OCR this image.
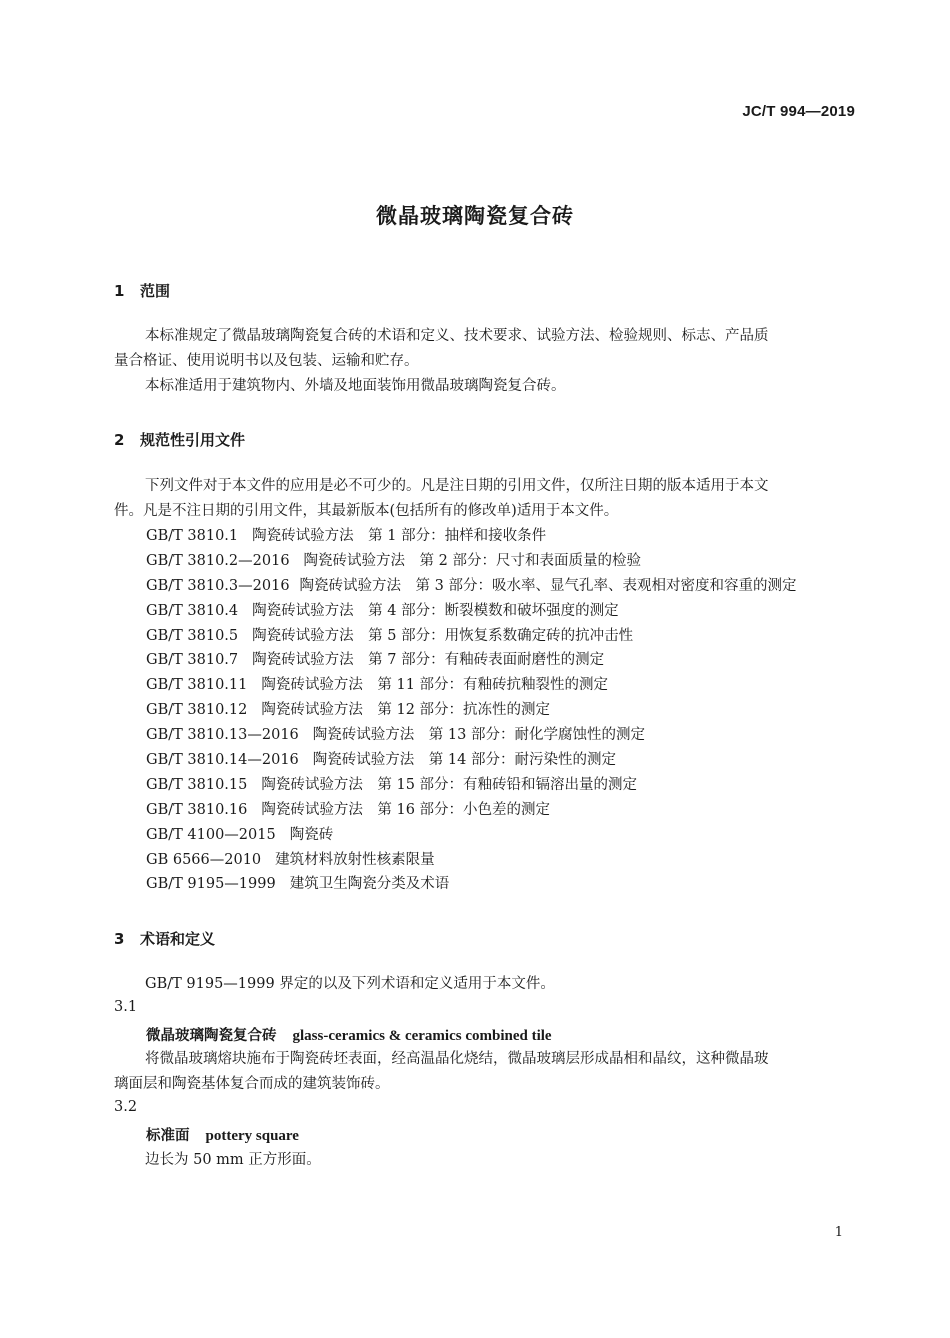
JC/T 994—2019
微晶玻璃陶瓷复合砖
1 范围
本标准规定了微晶玻璃陶瓷复合砖的术语和定义、技术要求、试验方法、检验规则、标志、产品质
量合格证、使用说明书以及包装、运输和贮存。
本标准适用于建筑物内、外墙及地面装饰用微晶玻璃陶瓷复合砖。
2 规范性引用文件
下列文件对于本文件的应用是必不可少的。凡是注日期的引用文件，仅所注日期的版本适用于本文
件。凡是不注日期的引用文件，其最新版本(包括所有的修改单)适用于本文件。
GB/T 3810.1 陶瓷砖试验方法　第 1 部分：抽样和接收条件
GB/T 3810.2—2016 陶瓷砖试验方法　第 2 部分：尺寸和表面质量的检验
GB/T 3810.3—2016 陶瓷砖试验方法　第 3 部分：吸水率、显气孔率、表观相对密度和容重的测定
GB/T 3810.4 陶瓷砖试验方法　第 4 部分：断裂模数和破坏强度的测定
GB/T 3810.5 陶瓷砖试验方法　第 5 部分：用恢复系数确定砖的抗冲击性
GB/T 3810.7 陶瓷砖试验方法　第 7 部分：有釉砖表面耐磨性的测定
GB/T 3810.11 陶瓷砖试验方法　第 11 部分：有釉砖抗釉裂性的测定
GB/T 3810.12 陶瓷砖试验方法　第 12 部分：抗冻性的测定
GB/T 3810.13—2016 陶瓷砖试验方法　第 13 部分：耐化学腐蚀性的测定
GB/T 3810.14—2016 陶瓷砖试验方法　第 14 部分：耐污染性的测定
GB/T 3810.15 陶瓷砖试验方法　第 15 部分：有釉砖铅和镉溶出量的测定
GB/T 3810.16 陶瓷砖试验方法　第 16 部分：小色差的测定
GB/T 4100—2015 陶瓷砖
GB 6566—2010 建筑材料放射性核素限量
GB/T 9195—1999 建筑卫生陶瓷分类及术语
3 术语和定义
GB/T 9195—1999 界定的以及下列术语和定义适用于本文件。
3.1
微晶玻璃陶瓷复合砖 glass-ceramics & ceramics combined tile
将微晶玻璃熔块施布于陶瓷砖坯表面，经高温晶化烧结，微晶玻璃层形成晶相和晶纹，这种微晶玻
璃面层和陶瓷基体复合而成的建筑装饰砖。
3.2
标准面 pottery square
边长为 50 mm 正方形面。
1
